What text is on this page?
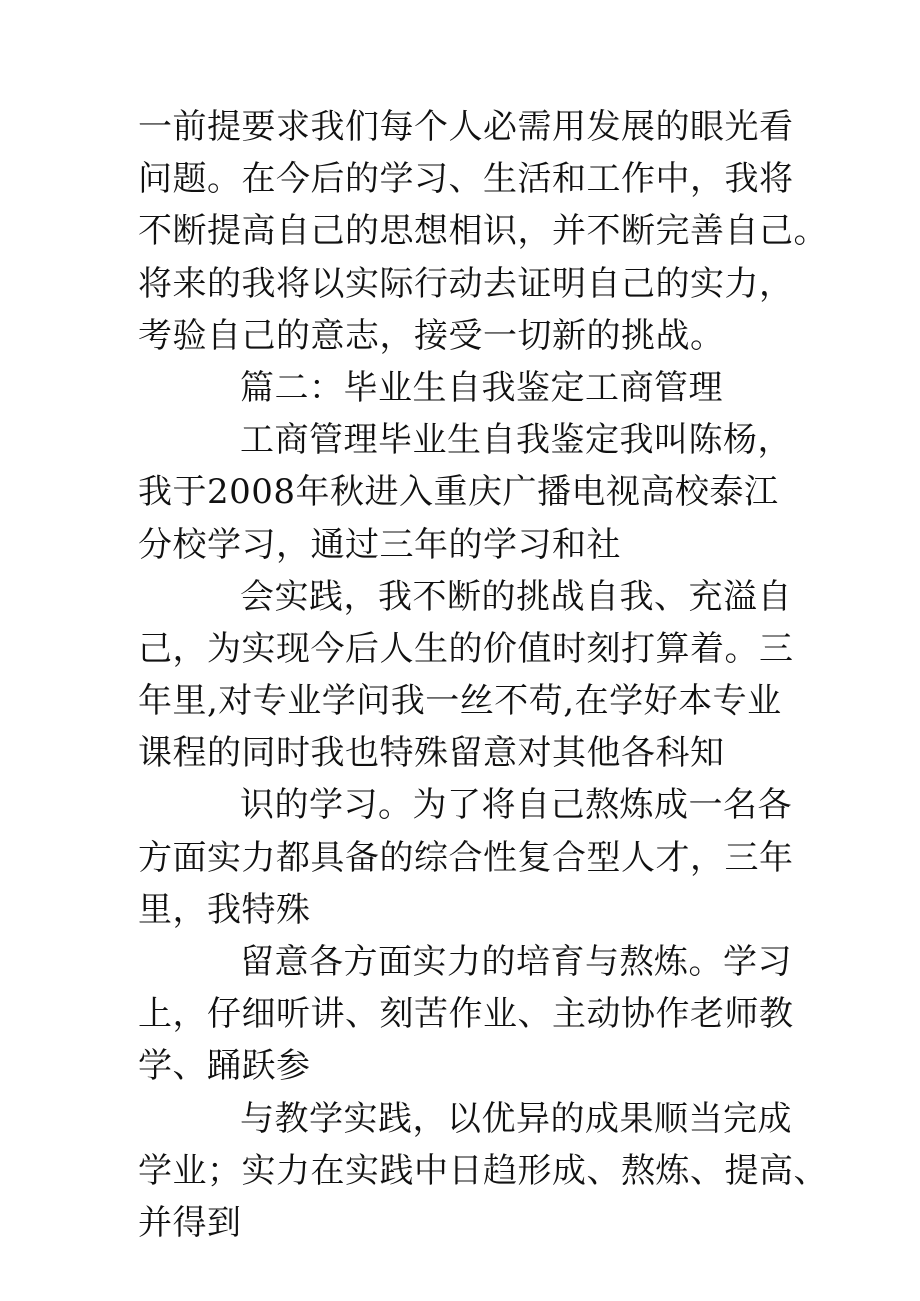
一前提要求我们每个人必需用发展的眼光看
问题。在今后的学习、生活和工作中，我将
不断提高自己的思想相识，并不断完善自己。
将来的我将以实际行动去证明自己的实力，
考验自己的意志，接受一切新的挑战。
篇二：毕业生自我鉴定工商管理
工商管理毕业生自我鉴定我叫陈杨，
我于2008年秋进入重庆广播电视高校泰江
分校学习，通过三年的学习和社
会实践，我不断的挑战自我、充溢自
己，为实现今后人生的价值时刻打算着。三
年里,对专业学问我一丝不苟,在学好本专业
课程的同时我也特殊留意对其他各科知
识的学习。为了将自己熬炼成一名各
方面实力都具备的综合性复合型人才，三年
里，我特殊
留意各方面实力的培育与熬炼。学习
上，仔细听讲、刻苦作业、主动协作老师教
学、踊跃参
与教学实践，以优异的成果顺当完成
学业；实力在实践中日趋形成、熬炼、提高、
并得到
